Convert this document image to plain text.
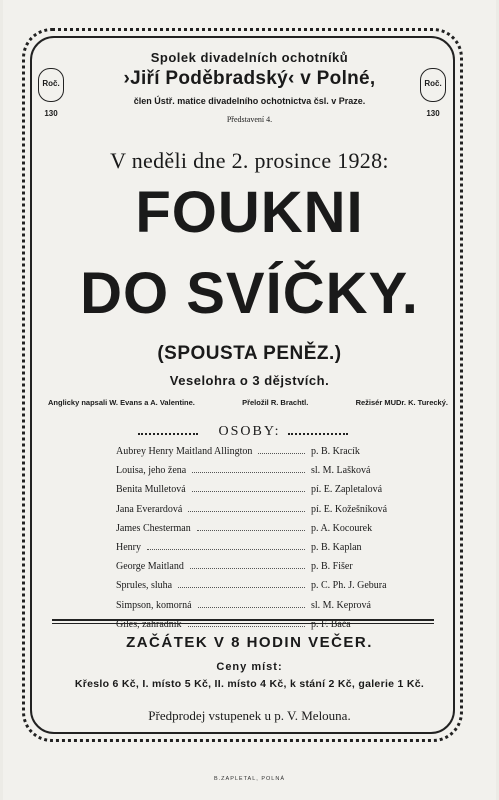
Roč. 130
Roč. 130
Spolek divadelních ochotníků
›Jiří Poděbradský‹ v Polné,
člen Ústř. matice divadelního ochotnictva čsl. v Praze.
Představení 4.
V neděli dne 2. prosince 1928:
FOUKNI
DO SVÍČKY.
(SPOUSTA PENĚZ.)
Veselohra o 3 dějstvích.
Anglicky napsali W. Evans a A. Valentine.	Přeložil R. Brachtl.	Režisér MUDr. K. Turecký.
OSOBY:
Aubrey Henry Maitland Allington	p. B. Kracík
Louisa, jeho žena	sl. M. Lašková
Benita Mulletová	pí. E. Zapletalová
Jana Everardová	pí. E. Kožešníková
James Chesterman	p. A. Kocourek
Henry	p. B. Kaplan
George Maitland	p. B. Fišer
Sprules, sluha	p. C. Ph. J. Gebura
Simpson, komorná	sl. M. Keprová
Giles, zahradník	p. F. Báča
ZAČÁTEK V 8 HODIN VEČER.
Ceny míst:
Křeslo 6 Kč, I. místo 5 Kč, II. místo 4 Kč, k stání 2 Kč, galerie 1 Kč.
Předprodej vstupenek u p. V. Melouna.
B.ZAPLETAL, POLNÁ
